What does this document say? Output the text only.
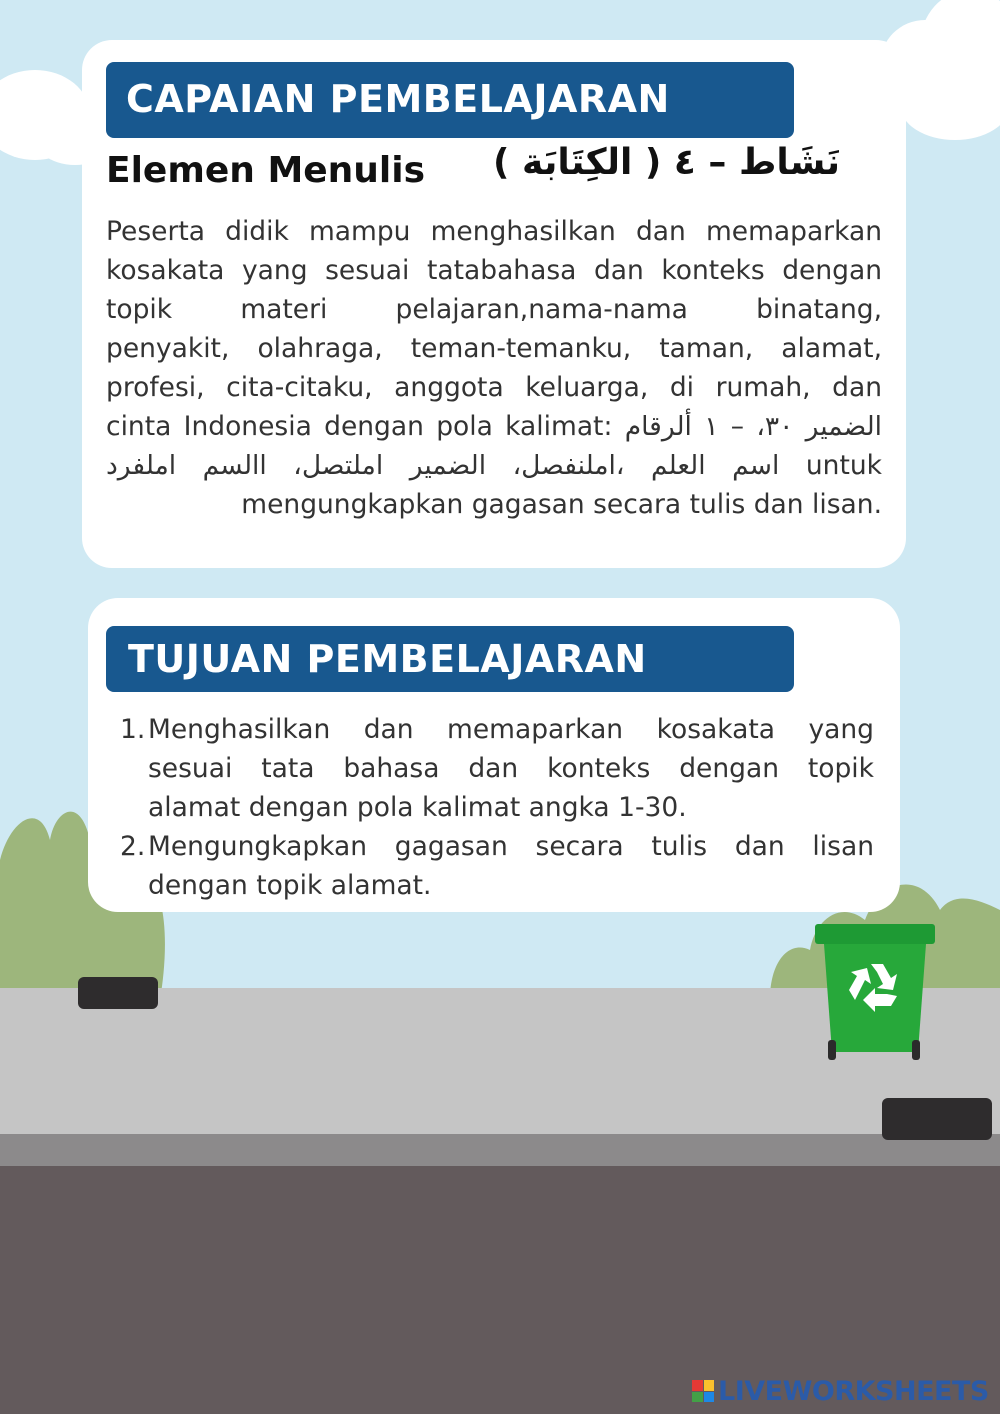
CAPAIAN PEMBELAJARAN
Elemen Menulis	نَشَاط – ٤ ( الكِتَابَة )
Peserta didik mampu menghasilkan dan memaparkan
kosakata yang sesuai tatabahasa dan konteks dengan
topik materi pelajaran,nama-nama binatang,
penyakit, olahraga, teman-temanku, taman, alamat,
profesi, cita-citaku, anggota keluarga, di rumah, dan
الضمير ٣٠، – ١ ألرقام :cinta Indonesia dengan pola kalimat
untuk اسم العلم ،املنفصل، الضمير املتصل، االسم املفرد
.mengungkapkan gagasan secara tulis dan lisan
TUJUAN PEMBELAJARAN
1. Menghasilkan dan memaparkan kosakata yang
sesuai tata bahasa dan konteks dengan topik
alamat dengan pola kalimat angka 1-30.
2. Mengungkapkan gagasan secara tulis dan lisan
dengan topik alamat.
LIVEWORKSHEETS
